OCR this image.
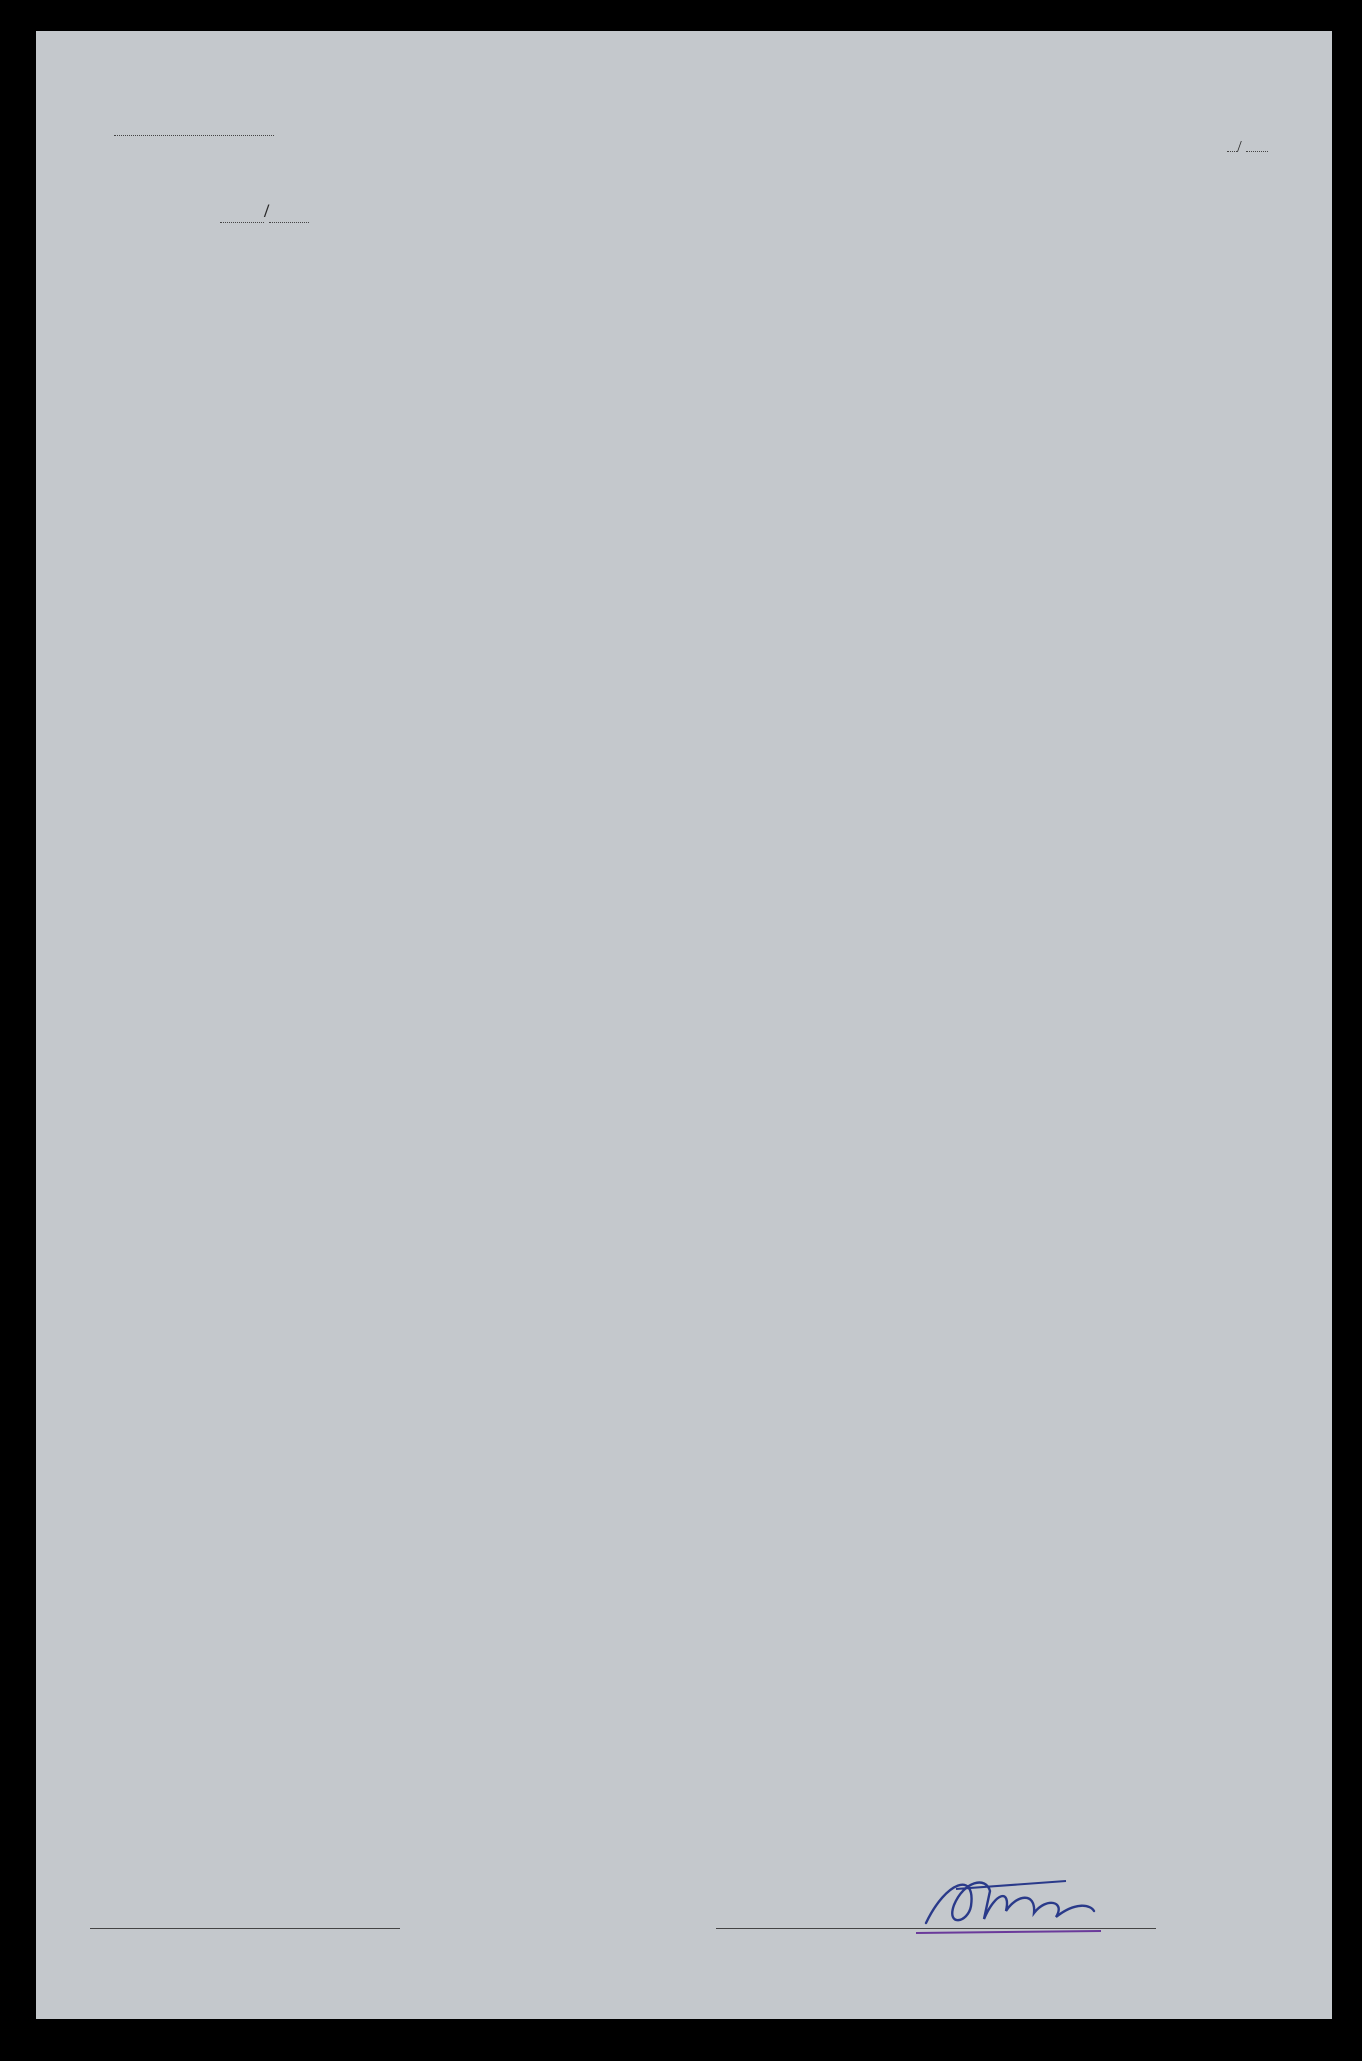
/
/
